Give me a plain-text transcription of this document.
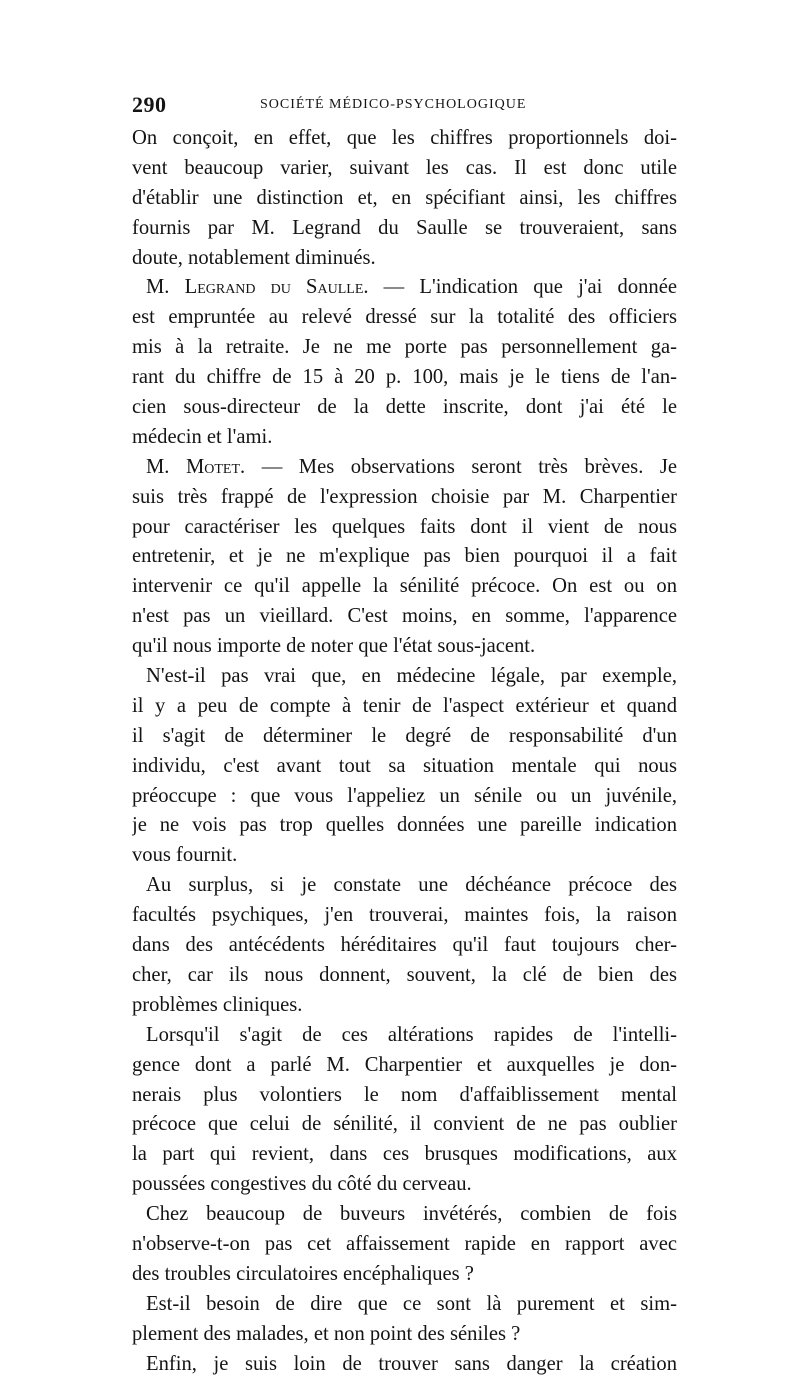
290	SOCIÉTÉ MÉDICO-PSYCHOLOGIQUE
On conçoit, en effet, que les chiffres proportionnels doi-
vent beaucoup varier, suivant les cas. Il est donc utile
d'établir une distinction et, en spécifiant ainsi, les chiffres
fournis par M. Legrand du Saulle se trouveraient, sans
doute, notablement diminués.
M. Legrand du Saulle. — L'indication que j'ai donnée
est empruntée au relevé dressé sur la totalité des officiers
mis à la retraite. Je ne me porte pas personnellement ga-
rant du chiffre de 15 à 20 p. 100, mais je le tiens de l'an-
cien sous-directeur de la dette inscrite, dont j'ai été le
médecin et l'ami.
M. Motet. — Mes observations seront très brèves. Je
suis très frappé de l'expression choisie par M. Charpentier
pour caractériser les quelques faits dont il vient de nous
entretenir, et je ne m'explique pas bien pourquoi il a fait
intervenir ce qu'il appelle la sénilité précoce. On est ou on
n'est pas un vieillard. C'est moins, en somme, l'apparence
qu'il nous importe de noter que l'état sous-jacent.
N'est-il pas vrai que, en médecine légale, par exemple,
il y a peu de compte à tenir de l'aspect extérieur et quand
il s'agit de déterminer le degré de responsabilité d'un
individu, c'est avant tout sa situation mentale qui nous
préoccupe : que vous l'appeliez un sénile ou un juvénile,
je ne vois pas trop quelles données une pareille indication
vous fournit.
Au surplus, si je constate une déchéance précoce des
facultés psychiques, j'en trouverai, maintes fois, la raison
dans des antécédents héréditaires qu'il faut toujours cher-
cher, car ils nous donnent, souvent, la clé de bien des
problèmes cliniques.
Lorsqu'il s'agit de ces altérations rapides de l'intelli-
gence dont a parlé M. Charpentier et auxquelles je don-
nerais plus volontiers le nom d'affaiblissement mental
précoce que celui de sénilité, il convient de ne pas oublier
la part qui revient, dans ces brusques modifications, aux
poussées congestives du côté du cerveau.
Chez beaucoup de buveurs invétérés, combien de fois
n'observe-t-on pas cet affaissement rapide en rapport avec
des troubles circulatoires encéphaliques ?
Est-il besoin de dire que ce sont là purement et sim-
plement des malades, et non point des séniles ?
Enfin, je suis loin de trouver sans danger la création
